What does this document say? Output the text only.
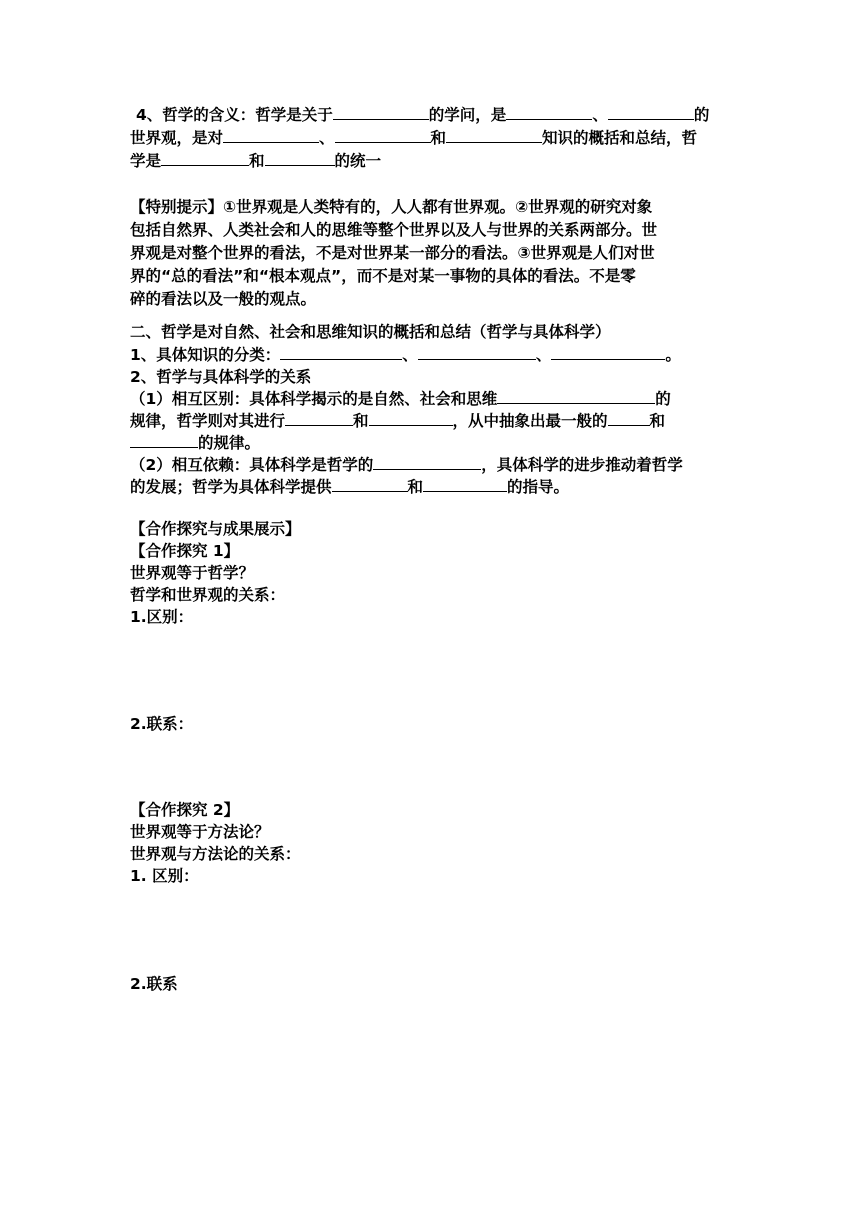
4、哲学的含义：哲学是关于	的学问，是	、	的
世界观，是对	、	和	知识的概括和总结，哲
学是	和	的统一
【特别提示】①世界观是人类特有的，人人都有世界观。②世界观的研究对象
包括自然界、人类社会和人的思维等整个世界以及人与世界的关系两部分。世
界观是对整个世界的看法，不是对世界某一部分的看法。③世界观是人们对世
界的“总的看法”和“根本观点”，而不是对某一事物的具体的看法。不是零
碎的看法以及一般的观点。
二、哲学是对自然、社会和思维知识的概括和总结（哲学与具体科学）
1、具体知识的分类：	、	、	。
2、哲学与具体科学的关系
（1）相互区别：具体科学揭示的是自然、社会和思维	的
规律，哲学则对其进行	和	，从中抽象出最一般的	和
的规律。
（2）相互依赖：具体科学是哲学的	，具体科学的进步推动着哲学
的发展；哲学为具体科学提供	和	的指导。
【合作探究与成果展示】
【合作探究 1】
世界观等于哲学？
哲学和世界观的关系：
1.区别：
2.联系：
【合作探究 2】
世界观等于方法论？
世界观与方法论的关系：
1. 区别：
2.联系
